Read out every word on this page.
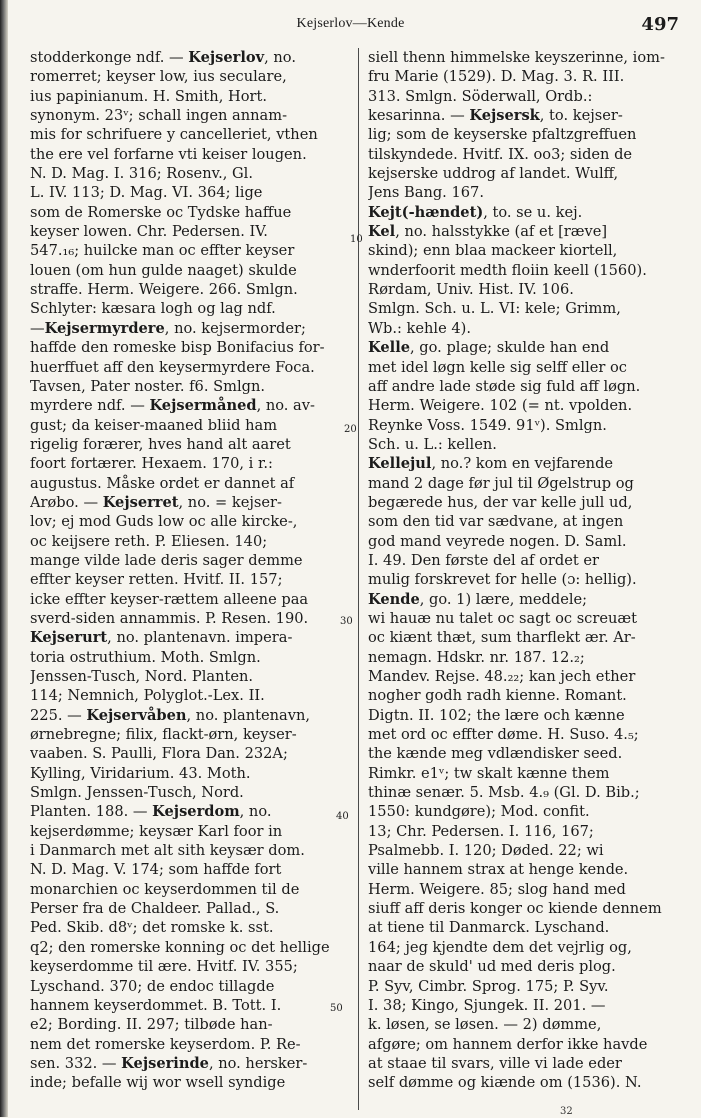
Kejserlov—Kende	497
stodderkonge ndf. — Kejserlov, no.
romerret; keyser low, ius seculare,
ius papinianum. H. Smith, Hort.
synonym. 23ᵛ; schall ingen annam-
mis for schrifuere y cancelleriet, vthen
the ere vel forfarne vti keiser lougen.
N. D. Mag. I. 316; Rosenv., Gl.
L. IV. 113; D. Mag. VI. 364; lige
som de Romerske oc Tydske haffue
keyser lowen. Chr. Pedersen. IV.
547.₁₆; huilcke man oc effter keyser
louen (om hun gulde naaget) skulde
straffe. Herm. Weigere. 266. Smlgn.
Schlyter: kæsara logh og lag ndf.
—Kejsermyrdere, no. kejsermorder;
haffde den romeske bisp Bonifacius for-
huerffuet aff den keysermyrdere Foca.
Tavsen, Pater noster. f6. Smlgn.
myrdere ndf. — Kejsermåned, no. av-
gust; da keiser-maaned bliid ham
rigelig forærer, hves hand alt aaret
foort fortærer. Hexaem. 170, i r.:
augustus. Måske ordet er dannet af
Arøbo. — Kejserret, no. = kejser-
lov; ej mod Guds low oc alle kircke-,
oc keijsere reth. P. Eliesen. 140;
mange vilde lade deris sager demme
effter keyser retten. Hvitf. II. 157;
icke effter keyser-rættem alleene paa
sverd-siden annammis. P. Resen. 190.
Kejserurt, no. plantenavn. impera-
toria ostruthium. Moth. Smlgn.
Jenssen-Tusch, Nord. Planten.
114; Nemnich, Polyglot.-Lex. II.
225. — Kejservåben, no. plantenavn,
ørnebregne; filix, flackt-ørn, keyser-
vaaben. S. Paulli, Flora Dan. 232A;
Kylling, Viridarium. 43. Moth.
Smlgn. Jenssen-Tusch, Nord.
Planten. 188. — Kejserdom, no.
kejserdømme; keysær Karl foor in
i Danmarch met alt sith keysær dom.
N. D. Mag. V. 174; som haffde fort
monarchien oc keyserdommen til de
Perser fra de Chaldeer. Pallad., S.
Ped. Skib. d8ᵛ; det romske k. sst.
q2; den romerske konning oc det hellige
keyserdomme til ære. Hvitf. IV. 355;
Lyschand. 370; de endoc tillagde
hannem keyserdommet. B. Tott. I.
e2; Bording. II. 297; tilbøde han-
nem det romerske keyserdom. P. Re-
sen. 332. — Kejserinde, no. hersker-
inde; befalle wij wor wsell syndige
siell thenn himmelske keyszerinne, iom-
fru Marie (1529). D. Mag. 3. R. III.
313. Smlgn. Söderwall, Ordb.:
kesarinna. — Kejsersk, to. kejser-
lig; som de keyserske pfaltzgreffuen
tilskyndede. Hvitf. IX. oo3; siden de
kejserske uddrog af landet. Wulff,
Jens Bang. 167.
Kejt(-hændet), to. se u. kej.
Kel, no. halsstykke (af et [ræve]
skind); enn blaa mackeer kiortell,
wnderfoorit medth floiin keell (1560).
Rørdam, Univ. Hist. IV. 106.
Smlgn. Sch. u. L. VI: kele; Grimm,
Wb.: kehle 4).
Kelle, go. plage; skulde han end
met idel løgn kelle sig selff eller oc
aff andre lade støde sig fuld aff løgn.
Herm. Weigere. 102 (= nt. vpolden.
Reynke Voss. 1549. 91ᵛ). Smlgn.
Sch. u. L.: kellen.
Kellejul, no.? kom en vejfarende
mand 2 dage før jul til Øgelstrup og
begærede hus, der var kelle jull ud,
som den tid var sædvane, at ingen
god mand veyrede nogen. D. Saml.
I. 49. Den første del af ordet er
mulig forskrevet for helle (ɔ: hellig).
Kende, go. 1) lære, meddele;
wi hauæ nu talet oc sagt oc screuæt
oc kiænt thæt, sum tharflekt ær. Ar-
nemagn. Hdskr. nr. 187. 12.₂;
Mandev. Rejse. 48.₂₂; kan jech ether
nogher godh radh kienne. Romant.
Digtn. II. 102; the lære och kænne
met ord oc effter døme. H. Suso. 4.₅;
the kænde meg vdlændisker seed.
Rimkr. e1ᵛ; tw skalt kænne them
thinæ senær. 5. Msb. 4.₉ (Gl. D. Bib.;
1550: kundgøre); Mod. confit.
13; Chr. Pedersen. I. 116, 167;
Psalmebb. I. 120; Døded. 22; wi
ville hannem strax at henge kende.
Herm. Weigere. 85; slog hand med
siuff aff deris konger oc kiende dennem
at tiene til Danmarck. Lyschand.
164; jeg kjendte dem det vejrlig og,
naar de skuld' ud med deris plog.
P. Syv, Cimbr. Sprog. 175; P. Syv.
I. 38; Kingo, Sjungek. II. 201. —
k. løsen, se løsen. — 2) dømme,
afgøre; om hannem derfor ikke havde
at staae til svars, ville vi lade eder
self dømme og kiænde om (1536). N.
10
20
30
40
50
32
